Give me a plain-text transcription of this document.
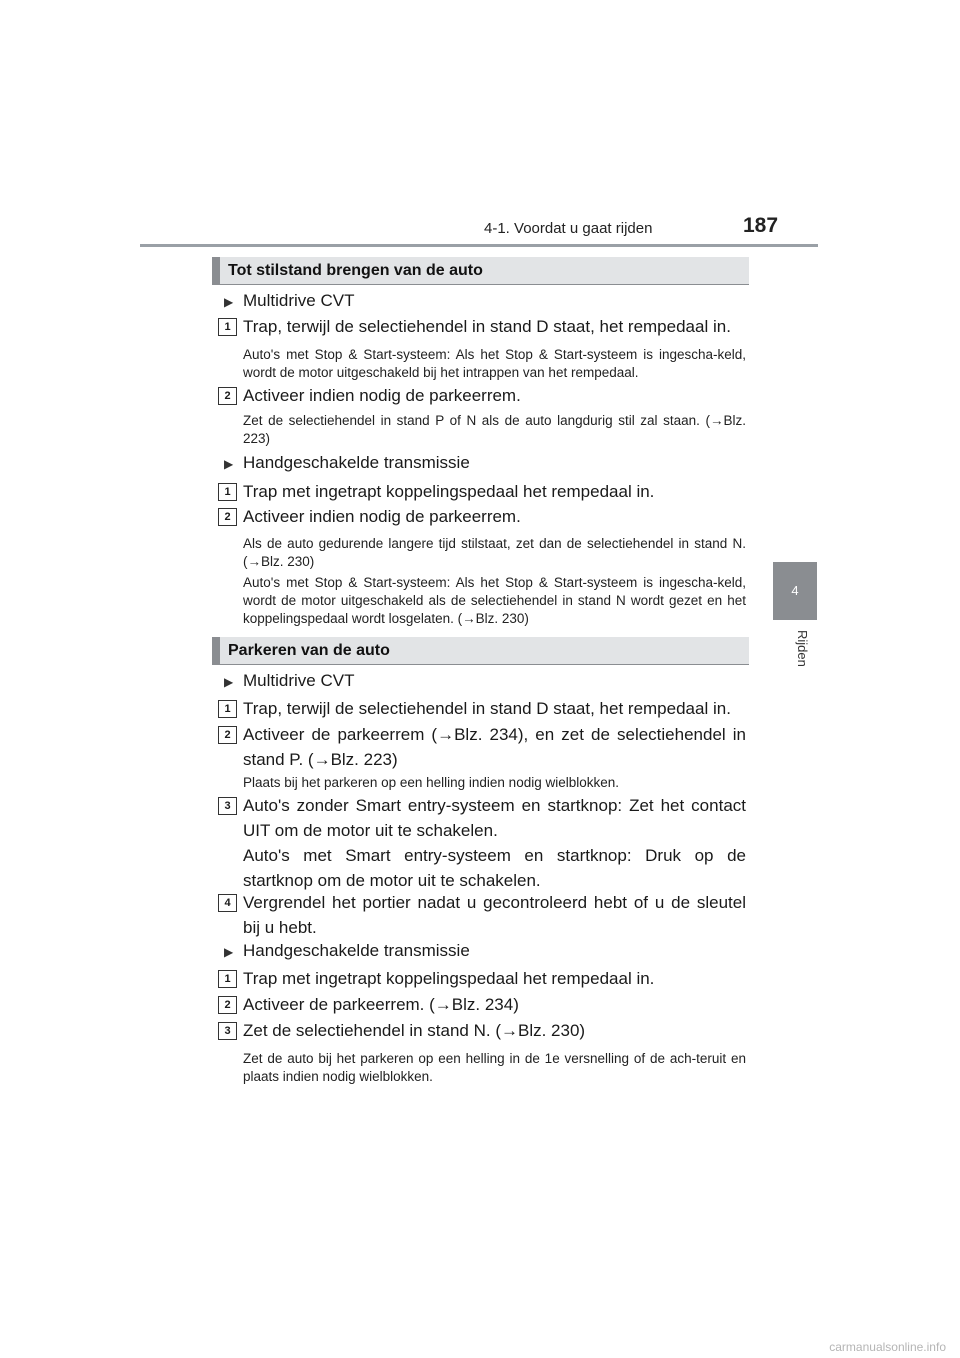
4-1. Voordat u gaat rijden	187
4
Rijden
Tot stilstand brengen van de auto
▶ Multidrive CVT
1 Trap, terwijl de selectiehendel in stand D staat, het rempedaal in.
Auto's met Stop & Start-systeem: Als het Stop & Start-systeem is ingescha-keld, wordt de motor uitgeschakeld bij het intrappen van het rempedaal.
2 Activeer indien nodig de parkeerrem.
Zet de selectiehendel in stand P of N als de auto langdurig stil zal staan. (→Blz. 223)
▶ Handgeschakelde transmissie
1 Trap met ingetrapt koppelingspedaal het rempedaal in.
2 Activeer indien nodig de parkeerrem.
Als de auto gedurende langere tijd stilstaat, zet dan de selectiehendel in stand N. (→Blz. 230)
Auto's met Stop & Start-systeem: Als het Stop & Start-systeem is ingescha-keld, wordt de motor uitgeschakeld als de selectiehendel in stand N wordt gezet en het koppelingspedaal wordt losgelaten. (→Blz. 230)
Parkeren van de auto
▶ Multidrive CVT
1 Trap, terwijl de selectiehendel in stand D staat, het rempedaal in.
2 Activeer de parkeerrem (→Blz. 234), en zet de selectiehendel in stand P. (→Blz. 223)
Plaats bij het parkeren op een helling indien nodig wielblokken.
3 Auto's zonder Smart entry-systeem en startknop: Zet het contact UIT om de motor uit te schakelen.
Auto's met Smart entry-systeem en startknop: Druk op de startknop om de motor uit te schakelen.
4 Vergrendel het portier nadat u gecontroleerd hebt of u de sleutel bij u hebt.
▶ Handgeschakelde transmissie
1 Trap met ingetrapt koppelingspedaal het rempedaal in.
2 Activeer de parkeerrem. (→Blz. 234)
3 Zet de selectiehendel in stand N. (→Blz. 230)
Zet de auto bij het parkeren op een helling in de 1e versnelling of de ach-teruit en plaats indien nodig wielblokken.
carmanualsonline.info
